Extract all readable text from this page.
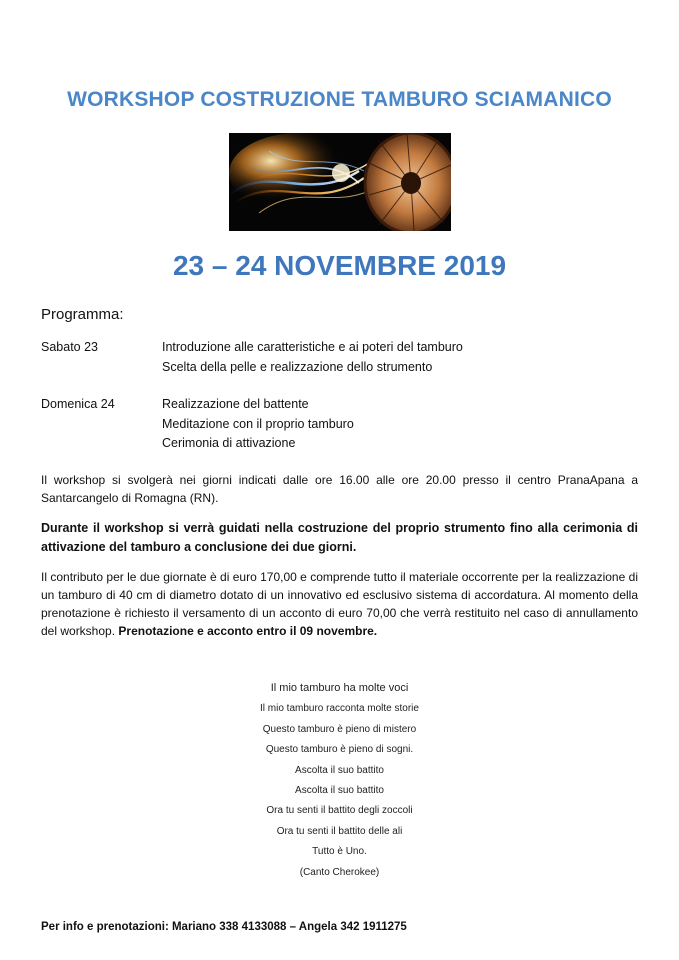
WORKSHOP COSTRUZIONE TAMBURO SCIAMANICO
23 – 24 NOVEMBRE 2019
Programma:
Sabato 23	Introduzione alle caratteristiche e ai poteri del tamburo
Scelta della pelle e realizzazione dello strumento
Domenica 24	Realizzazione del battente
Meditazione con il proprio tamburo
Cerimonia di attivazione
Il workshop si svolgerà nei giorni indicati dalle ore 16.00 alle ore 20.00 presso il centro PranaApana a Santarcangelo di Romagna (RN).
Durante il workshop si verrà guidati nella costruzione del proprio strumento fino alla cerimonia di attivazione del tamburo a conclusione dei due giorni.
Il contributo per le due giornate è di euro 170,00 e comprende tutto il materiale occorrente per la realizzazione di un tamburo di 40 cm di diametro dotato di un innovativo ed esclusivo sistema di accordatura. Al momento della prenotazione è richiesto il versamento di un acconto di euro 70,00 che verrà restituito nel caso di annullamento del workshop. Prenotazione e acconto entro il 09 novembre.
Il mio tamburo ha molte voci
Il mio tamburo racconta molte storie
Questo tamburo è pieno di mistero
Questo tamburo è pieno di sogni.
Ascolta il suo battito
Ascolta il suo battito
Ora tu senti il battito degli zoccoli
Ora tu senti il battito delle ali
Tutto è Uno.
(Canto Cherokee)
Per info e prenotazioni: Mariano 338 4133088 – Angela 342 1911275
